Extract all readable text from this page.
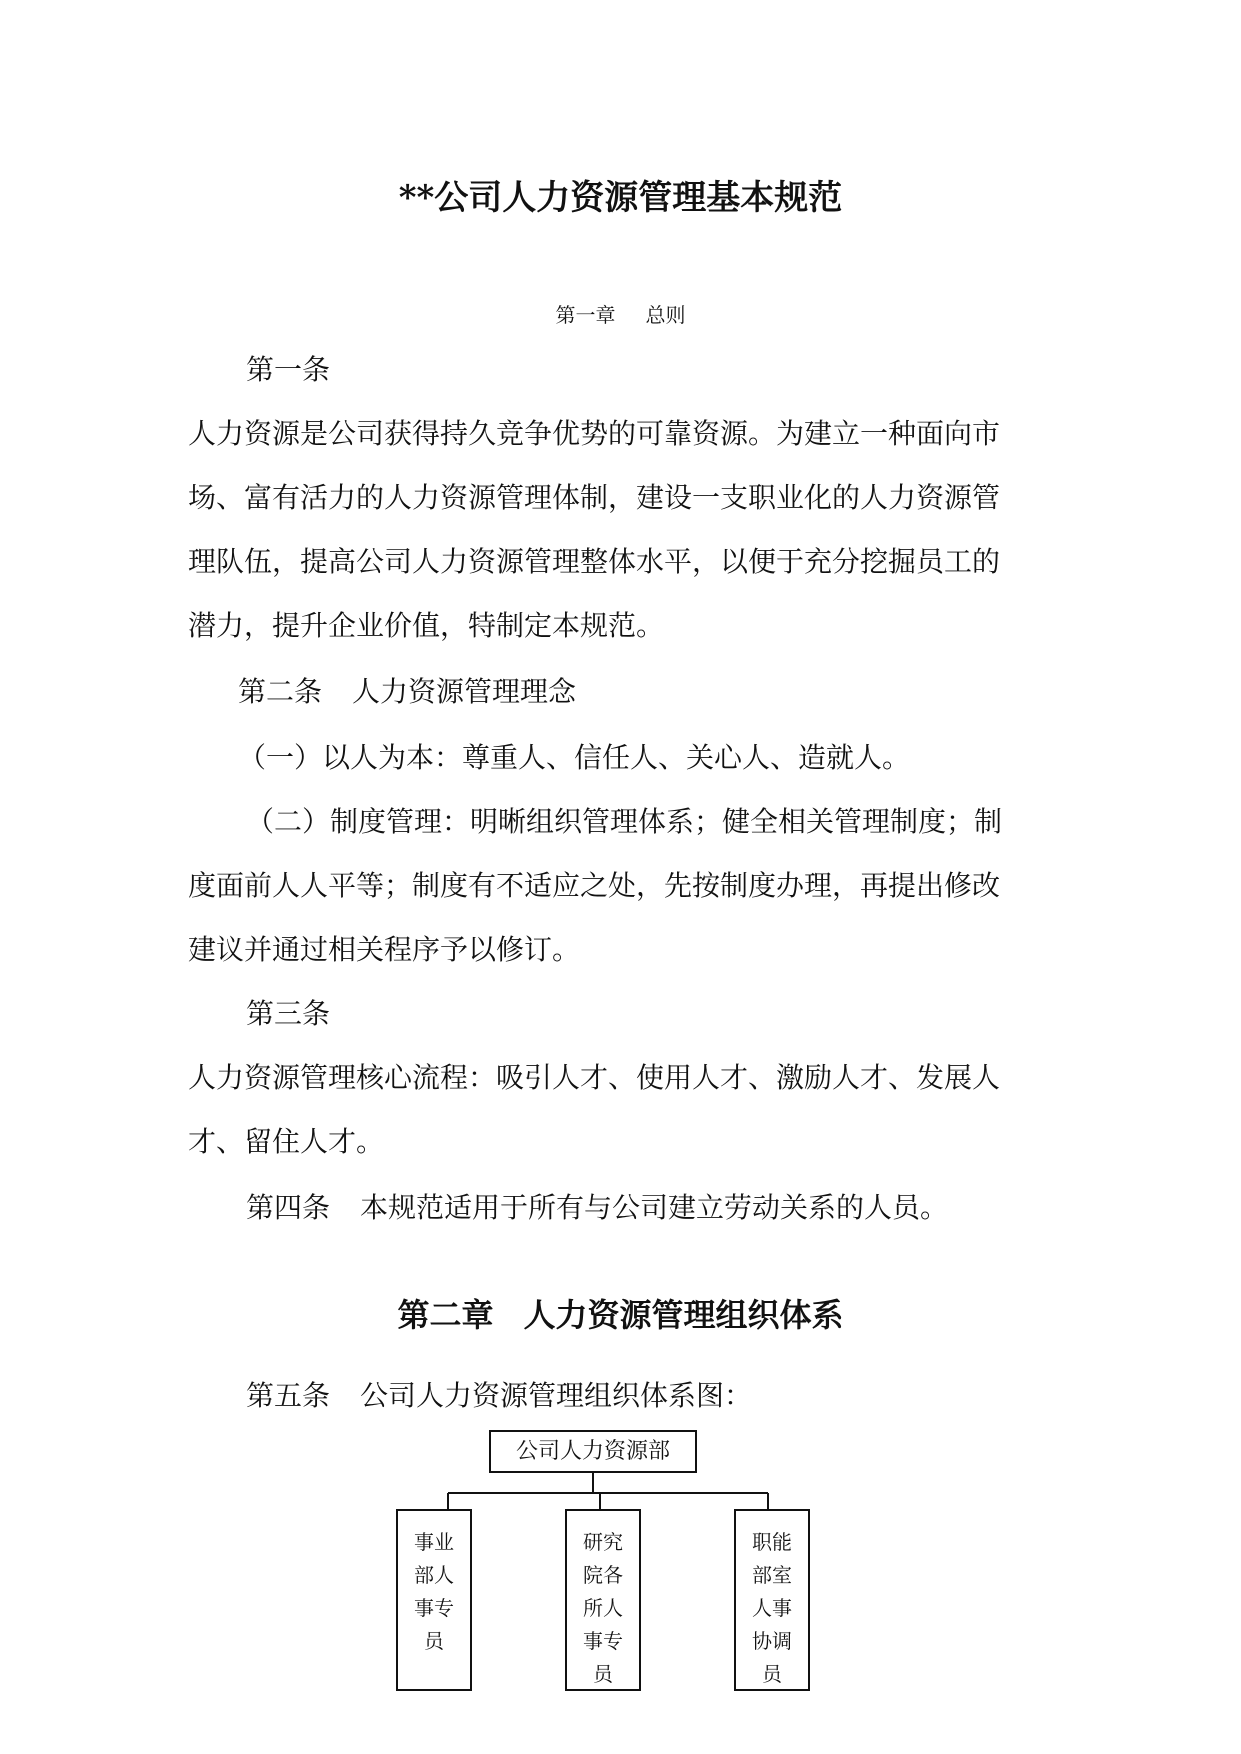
**公司人力资源管理基本规范
第一章 总则
第一条
人力资源是公司获得持久竞争优势的可靠资源。为建立一种面向市
场、富有活力的人力资源管理体制，建设一支职业化的人力资源管
理队伍，提高公司人力资源管理整体水平，以便于充分挖掘员工的
潜力，提升企业价值，特制定本规范。
第二条 人力资源管理理念
（一）以人为本：尊重人、信任人、关心人、造就人。
（二）制度管理：明晰组织管理体系；健全相关管理制度；制
度面前人人平等；制度有不适应之处，先按制度办理，再提出修改
建议并通过相关程序予以修订。
第三条
人力资源管理核心流程：吸引人才、使用人才、激励人才、发展人
才、留住人才。
第四条 本规范适用于所有与公司建立劳动关系的人员。
第二章 人力资源管理组织体系
第五条 公司人力资源管理组织体系图：
公司人力资源部
事业
部人
事专
员
研究
院各
所人
事专
员
职能
部室
人事
协调
员
